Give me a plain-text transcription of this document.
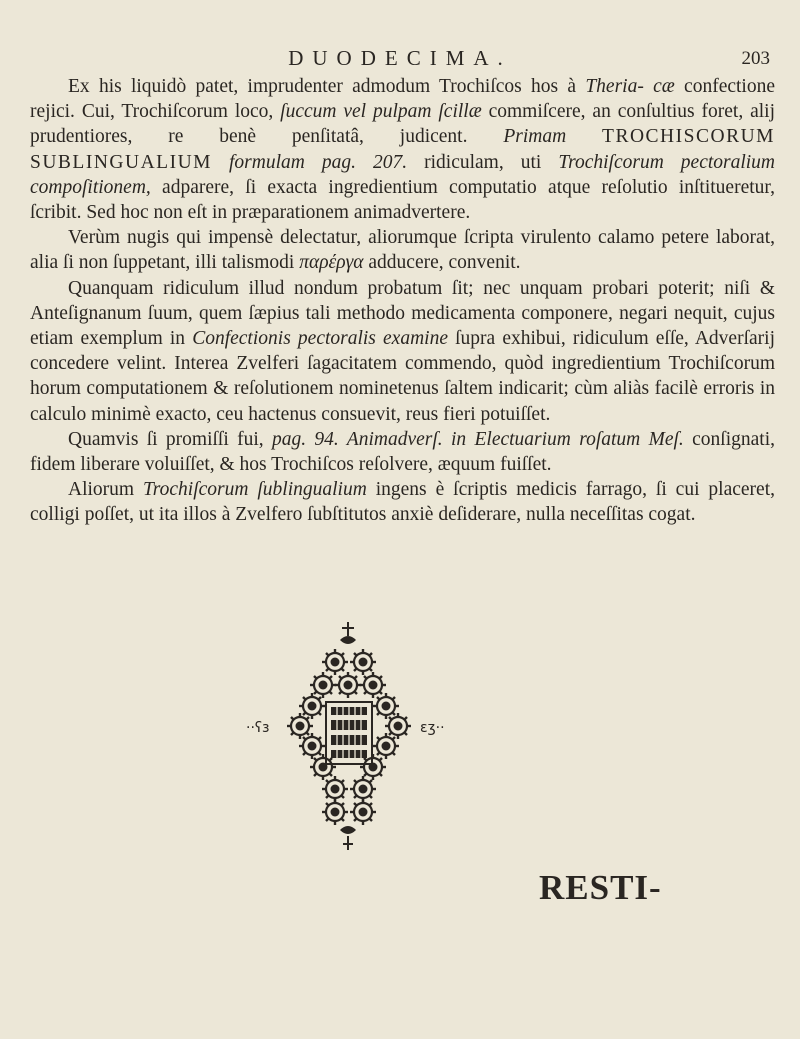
DUODECIMA.	203

Ex his liquidò patet, imprudenter admodum Trochiſcos hos à Theria- cæ confectione rejici. Cui, Trochiſcorum loco, ſuccum vel pulpam ſcillæ commiſcere, an conſultius foret, alij prudentiores, re benè penſitatâ, judicent. Primam TROCHISCORUM SUBLINGUALIUM formulam pag. 207. ridiculam, uti Trochiſcorum pectoralium compoſitionem, adparere, ſi exacta ingredientium computatio atque reſolutio inſtitueretur, ſcribit. Sed hoc non eſt in præparationem animadvertere.

Verùm nugis qui impensè delectatur, aliorumque ſcripta virulento calamo petere laborat, alia ſi non ſuppetant, illi talismodi παρέργα adducere, convenit.

Quanquam ridiculum illud nondum probatum ſit; nec unquam probari poterit; niſi & Anteſignanum ſuum, quem ſæpius tali methodo medicamenta componere, negari nequit, cujus etiam exemplum in Confectionis pectoralis examine ſupra exhibui, ridiculum eſſe, Adverſarij concedere velint. Interea Zvelferi ſagacitatem commendo, quòd ingredientium Trochiſcorum horum computationem & reſolutionem nominetenus ſaltem indicarit; cùm aliàs facilè erroris in calculo minimè exacto, ceu hactenus consuevit, reus fieri potuiſſet.

Quamvis ſi promiſſi fui, pag. 94. Animadverſ. in Electuarium roſatum Meſ. conſignati, fidem liberare voluiſſet, & hos Trochiſcos reſolvere, æquum fuiſſet.

Aliorum Trochiſcorum ſublingualium ingens è ſcriptis medicis farrago, ſi cui placeret, colligi poſſet, ut ita illos à Zvelfero ſubſtitutos anxiè deſiderare, nulla neceſſitas cogat.

··ʕɜ	ɛʒ··
RESTI-
